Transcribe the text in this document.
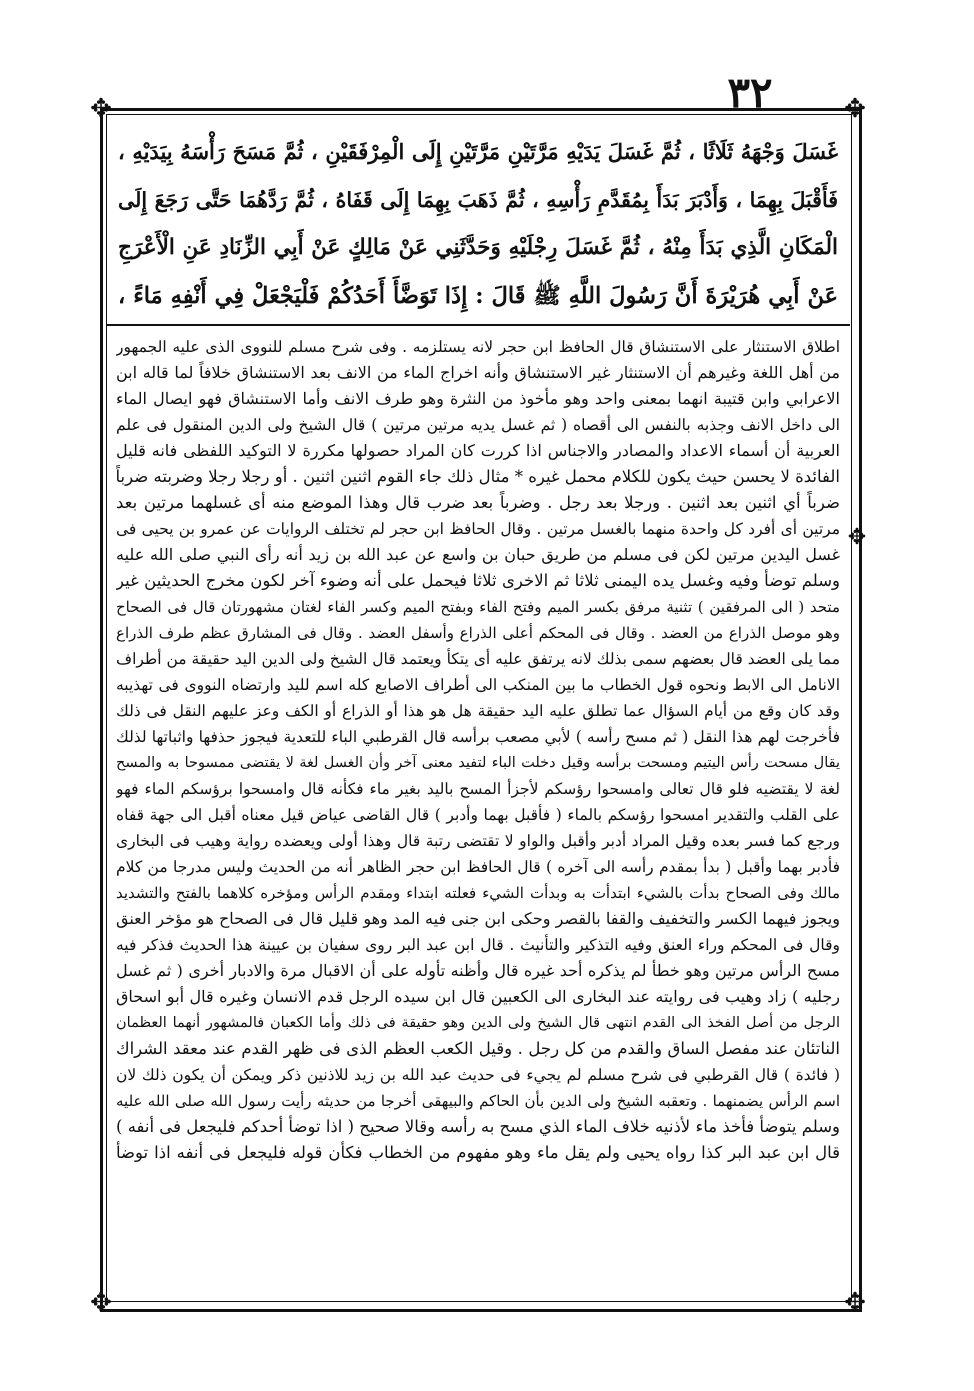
٣٢
✥	✥
✥	✥
✥
غَسَلَ وَجْهَهُ ثَلَاثًا ، ثُمَّ غَسَلَ يَدَيْهِ مَرَّتَيْنِ مَرَّتَيْنِ إِلَى الْمِرْفَقَيْنِ ، ثُمَّ مَسَحَ رَأْسَهُ بِيَدَيْهِ ،
فَأَقْبَلَ بِهِمَا ، وَأَدْبَرَ بَدَأَ بِمُقَدَّمِ رَأْسِهِ ، ثُمَّ ذَهَبَ بِهِمَا إِلَى قَفَاهُ ، ثُمَّ رَدَّهُمَا حَتَّى رَجَعَ إِلَى
الْمَكَانِ الَّذِي بَدَأَ مِنْهُ ، ثُمَّ غَسَلَ رِجْلَيْهِ وَحَدَّثَنِي عَنْ مَالِكٍ عَنْ أَبِي الزِّنَادِ عَنِ الْأَعْرَجِ
عَنْ أَبِي هُرَيْرَةَ أَنَّ رَسُولَ اللَّهِ ﷺ قَالَ : إِذَا تَوَضَّأَ أَحَدُكُمْ فَلْيَجْعَلْ فِي أَنْفِهِ مَاءً ،
اطلاق الاستنثار على الاستنشاق قال الحافظ ابن حجر لانه يستلزمه . وفى شرح مسلم للنووى الذى عليه الجمهور
من أهل اللغة وغيرهم أن الاستنثار غير الاستنشاق وأنه اخراج الماء من الانف بعد الاستنشاق خلافاً لما قاله ابن
الاعرابي وابن قتيبة انهما بمعنى واحد وهو مأخوذ من النثرة وهو طرف الانف وأما الاستنشاق فهو ايصال الماء
الى داخل الانف وجذبه بالنفس الى أقصاه ( ثم غسل يديه مرتين مرتين ) قال الشيخ ولى الدين المنقول فى علم
العربية أن أسماء الاعداد والمصادر والاجناس اذا كررت كان المراد حصولها مكررة لا التوكيد اللفظى فانه قليل
الفائدة لا يحسن حيث يكون للكلام محمل غيره * مثال ذلك جاء القوم اثنين اثنين . أو رجلا رجلا وضربته ضرباً
ضرباً أي اثنين بعد اثنين . ورجلا بعد رجل . وضرباً بعد ضرب قال وهذا الموضع منه أى غسلهما مرتين بعد
مرتين أى أفرد كل واحدة منهما بالغسل مرتين . وقال الحافظ ابن حجر لم تختلف الروايات عن عمرو بن يحيى فى
غسل اليدين مرتين لكن فى مسلم من طريق حبان بن واسع عن عبد الله بن زيد أنه رأى النبي صلى الله عليه
وسلم توضأ وفيه وغسل يده اليمنى ثلاثا ثم الاخرى ثلاثا فيحمل على أنه وضوء آخر لكون مخرج الحديثين غير
متحد ( الى المرفقين ) تثنية مرفق بكسر الميم وفتح الفاء وبفتح الميم وكسر الفاء لغتان مشهورتان قال فى الصحاح
وهو موصل الذراع من العضد . وقال فى المحكم أعلى الذراع وأسفل العضد . وقال فى المشارق عظم طرف الذراع
مما يلى العضد قال بعضهم سمى بذلك لانه يرتفق عليه أى يتكأ ويعتمد قال الشيخ ولى الدين اليد حقيقة من أطراف
الانامل الى الابط ونحوه قول الخطاب ما بين المنكب الى أطراف الاصابع كله اسم لليد وارتضاه النووى فى تهذيبه
وقد كان وقع من أيام السؤال عما تطلق عليه اليد حقيقة هل هو هذا أو الذراع أو الكف وعز عليهم النقل فى ذلك
فأخرجت لهم هذا النقل ( ثم مسح رأسه ) لأبي مصعب برأسه قال القرطبي الباء للتعدية فيجوز حذفها واثباتها لذلك
يقال مسحت رأس اليتيم ومسحت برأسه وقيل دخلت الباء لتفيد معنى آخر وأن الغسل لغة لا يقتضى ممسوحا به والمسح
لغة لا يقتضيه فلو قال تعالى وامسحوا رؤسكم لأجزأ المسح باليد بغير ماء فكأنه قال وامسحوا برؤسكم الماء فهو
على القلب والتقدير امسحوا رؤسكم بالماء ( فأقبل بهما وأدبر ) قال القاضى عياض قيل معناه أقبل الى جهة قفاه
ورجع كما فسر بعده وقيل المراد أدبر وأقبل والواو لا تقتضى رتبة قال وهذا أولى ويعضده رواية وهيب فى البخارى
فأدبر بهما وأقبل ( بدأ بمقدم رأسه الى آخره ) قال الحافظ ابن حجر الظاهر أنه من الحديث وليس مدرجا من كلام
مالك وفى الصحاح بدأت بالشيء ابتدأت به وبدأت الشيء فعلته ابتداء ومقدم الرأس ومؤخره كلاهما بالفتح والتشديد
ويجوز فيهما الكسر والتخفيف والقفا بالقصر وحكى ابن جنى فيه المد وهو قليل قال فى الصحاح هو مؤخر العنق
وقال فى المحكم وراء العنق وفيه التذكير والتأنيث . قال ابن عبد البر روى سفيان بن عيينة هذا الحديث فذكر فيه
مسح الرأس مرتين وهو خطأ لم يذكره أحد غيره قال وأظنه تأوله على أن الاقبال مرة والادبار أخرى ( ثم غسل
رجليه ) زاد وهيب فى روايته عند البخارى الى الكعبين قال ابن سيده الرجل قدم الانسان وغيره قال أبو اسحاق
الرجل من أصل الفخذ الى القدم انتهى قال الشيخ ولى الدين وهو حقيقة فى ذلك وأما الكعبان فالمشهور أنهما العظمان
الناتئان عند مفصل الساق والقدم من كل رجل . وقيل الكعب العظم الذى فى ظهر القدم عند معقد الشراك
( فائدة ) قال القرطبي فى شرح مسلم لم يجيء فى حديث عبد الله بن زيد للاذنين ذكر ويمكن أن يكون ذلك لان
اسم الرأس يضمنهما . وتعقبه الشيخ ولى الدين بأن الحاكم والبيهقى أخرجا من حديثه رأيت رسول الله صلى الله عليه
وسلم يتوضأ فأخذ ماء لأذنيه خلاف الماء الذي مسح به رأسه وقالا صحيح ( اذا توضأ أحدكم فليجعل فى أنفه )
قال ابن عبد البر كذا رواه يحيى ولم يقل ماء وهو مفهوم من الخطاب فكأن قوله فليجعل فى أنفه اذا توضأ
